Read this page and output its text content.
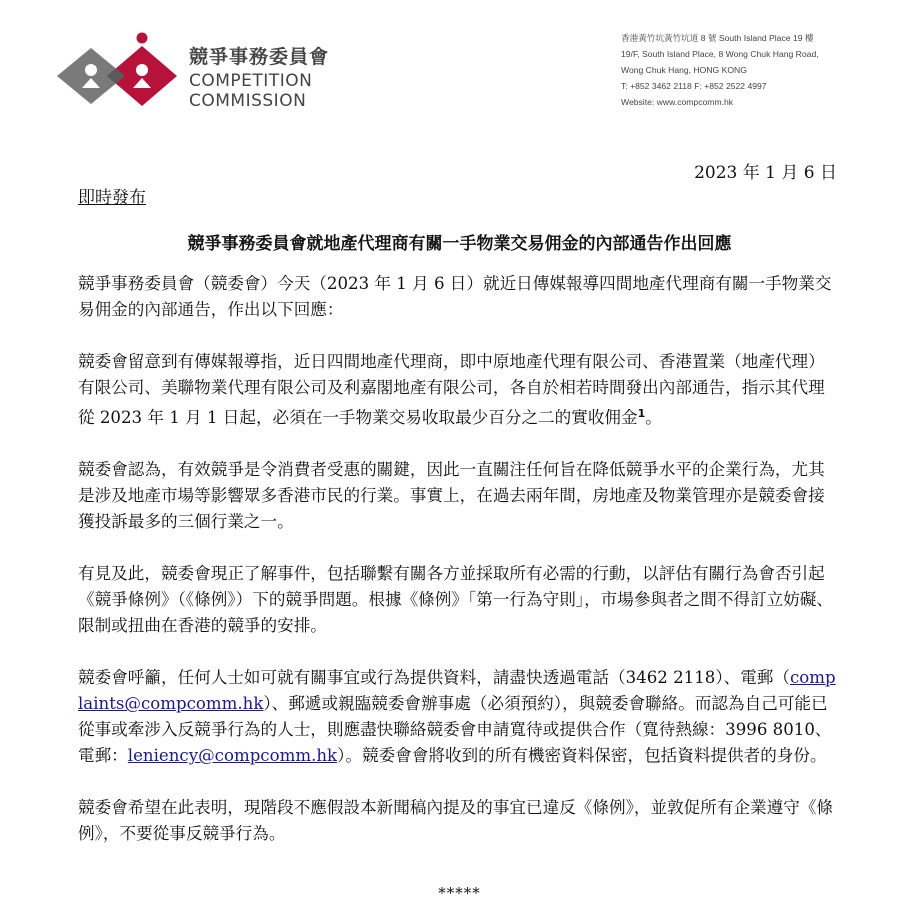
競爭事務委員會
COMPETITION
COMMISSION
香港黃竹坑黃竹坑道 8 號 South Island Place 19 樓
19/F, South Island Place, 8 Wong Chuk Hang Road,
Wong Chuk Hang, HONG KONG
T: +852 3462 2118 F: +852 2522 4997
Website: www.compcomm.hk
2023 年 1 月 6 日
即時發布
競爭事務委員會就地產代理商有關一手物業交易佣金的內部通告作出回應

競爭事務委員會（競委會）今天（2023 年 1 月 6 日）就近日傳媒報導四間地產代理商有關一手物業交易佣金的內部通告，作出以下回應：

競委會留意到有傳媒報導指，近日四間地產代理商，即中原地產代理有限公司、香港置業（地產代理）有限公司、美聯物業代理有限公司及利嘉閣地產有限公司，各自於相若時間發出內部通告，指示其代理從 2023 年 1 月 1 日起，必須在一手物業交易收取最少百分之二的實收佣金$^1$。

競委會認為，有效競爭是令消費者受惠的關鍵，因此一直關注任何旨在降低競爭水平的企業行為，尤其是涉及地產市場等影響眾多香港市民的行業。事實上，在過去兩年間，房地產及物業管理亦是競委會接獲投訴最多的三個行業之一。

有見及此，競委會現正了解事件，包括聯繫有關各方並採取所有必需的行動，以評估有關行為會否引起《競爭條例》（《條例》）下的競爭問題。根據《條例》「第一行為守則」，市場參與者之間不得訂立妨礙、限制或扭曲在香港的競爭的安排。

競委會呼籲，任何人士如可就有關事宜或行為提供資料，請盡快透過電話（3462 2118）、電郵（complaints@compcomm.hk）、郵遞或親臨競委會辦事處（必須預約），與競委會聯絡。而認為自己可能已從事或牽涉入反競爭行為的人士，則應盡快聯絡競委會申請寬待或提供合作（寬待熱線：3996 8010、電郵：leniency@compcomm.hk）。競委會會將收到的所有機密資料保密，包括資料提供者的身份。

競委會希望在此表明，現階段不應假設本新聞稿內提及的事宜已違反《條例》，並敦促所有企業遵守《條例》，不要從事反競爭行為。

*****
